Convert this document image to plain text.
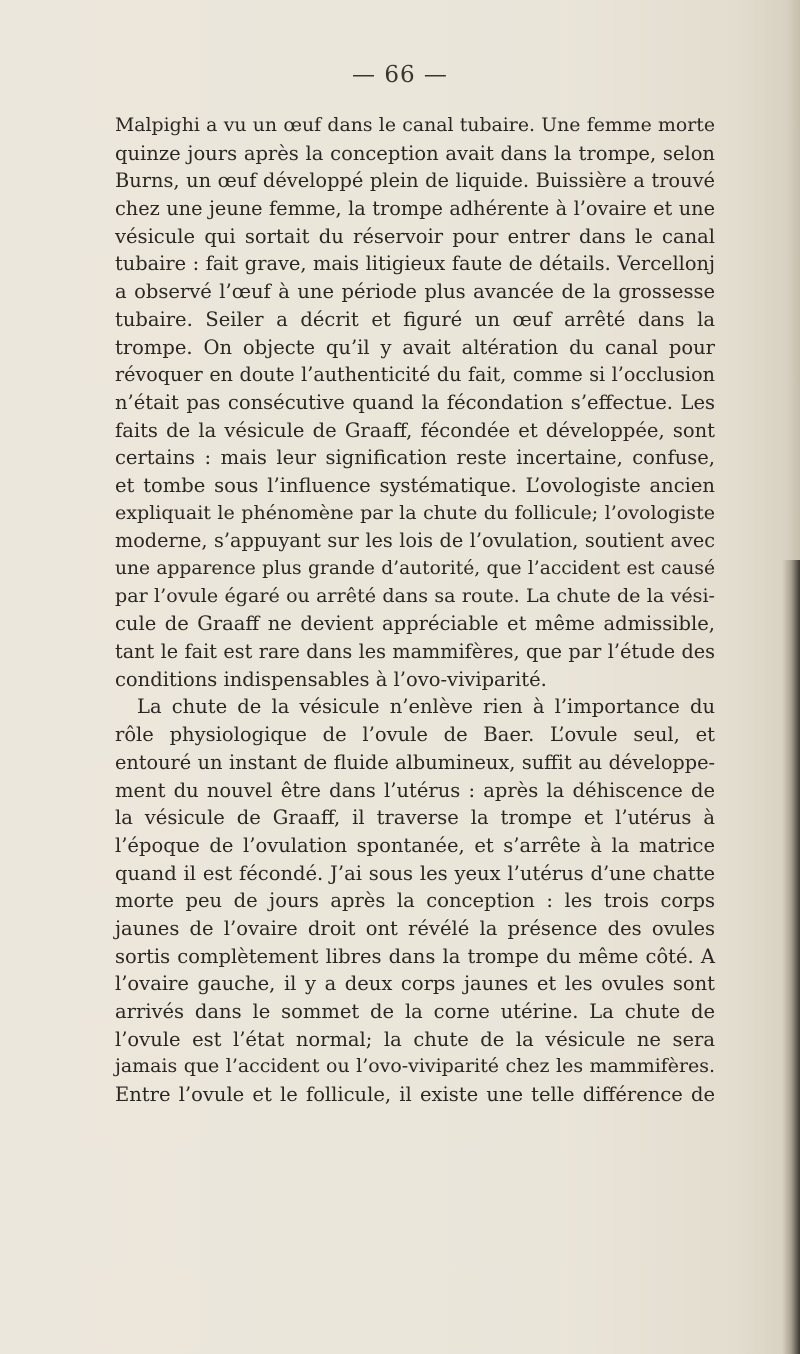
— 66 —
Malpighi a vu un œuf dans le canal tubaire. Une femme morte
quinze jours après la conception avait dans la trompe, selon
Burns, un œuf développé plein de liquide. Buissière a trouvé
chez une jeune femme, la trompe adhérente à l’ovaire et une
vésicule qui sortait du réservoir pour entrer dans le canal
tubaire : fait grave, mais litigieux faute de détails. Vercellonj
a observé l’œuf à une période plus avancée de la grossesse
tubaire. Seiler a décrit et figuré un œuf arrêté dans la
trompe. On objecte qu’il y avait altération du canal pour
révoquer en doute l’authenticité du fait, comme si l’occlusion
n’était pas consécutive quand la fécondation s’effectue. Les
faits de la vésicule de Graaff, fécondée et développée, sont
certains : mais leur signification reste incertaine, confuse,
et tombe sous l’influence systématique. L’ovologiste ancien
expliquait le phénomène par la chute du follicule; l’ovologiste
moderne, s’appuyant sur les lois de l’ovulation, soutient avec
une apparence plus grande d’autorité, que l’accident est causé
par l’ovule égaré ou arrêté dans sa route. La chute de la vési-
cule de Graaff ne devient appréciable et même admissible,
tant le fait est rare dans les mammifères, que par l’étude des
conditions indispensables à l’ovo-viviparité.
La chute de la vésicule n’enlève rien à l’importance du
rôle physiologique de l’ovule de Baer. L’ovule seul, et
entouré un instant de fluide albumineux, suffit au développe-
ment du nouvel être dans l’utérus : après la déhiscence de
la vésicule de Graaff, il traverse la trompe et l’utérus à
l’époque de l’ovulation spontanée, et s’arrête à la matrice
quand il est fécondé. J’ai sous les yeux l’utérus d’une chatte
morte peu de jours après la conception : les trois corps
jaunes de l’ovaire droit ont révélé la présence des ovules
sortis complètement libres dans la trompe du même côté. A
l’ovaire gauche, il y a deux corps jaunes et les ovules sont
arrivés dans le sommet de la corne utérine. La chute de
l’ovule est l’état normal; la chute de la vésicule ne sera
jamais que l’accident ou l’ovo-viviparité chez les mammifères.
Entre l’ovule et le follicule, il existe une telle différence de
